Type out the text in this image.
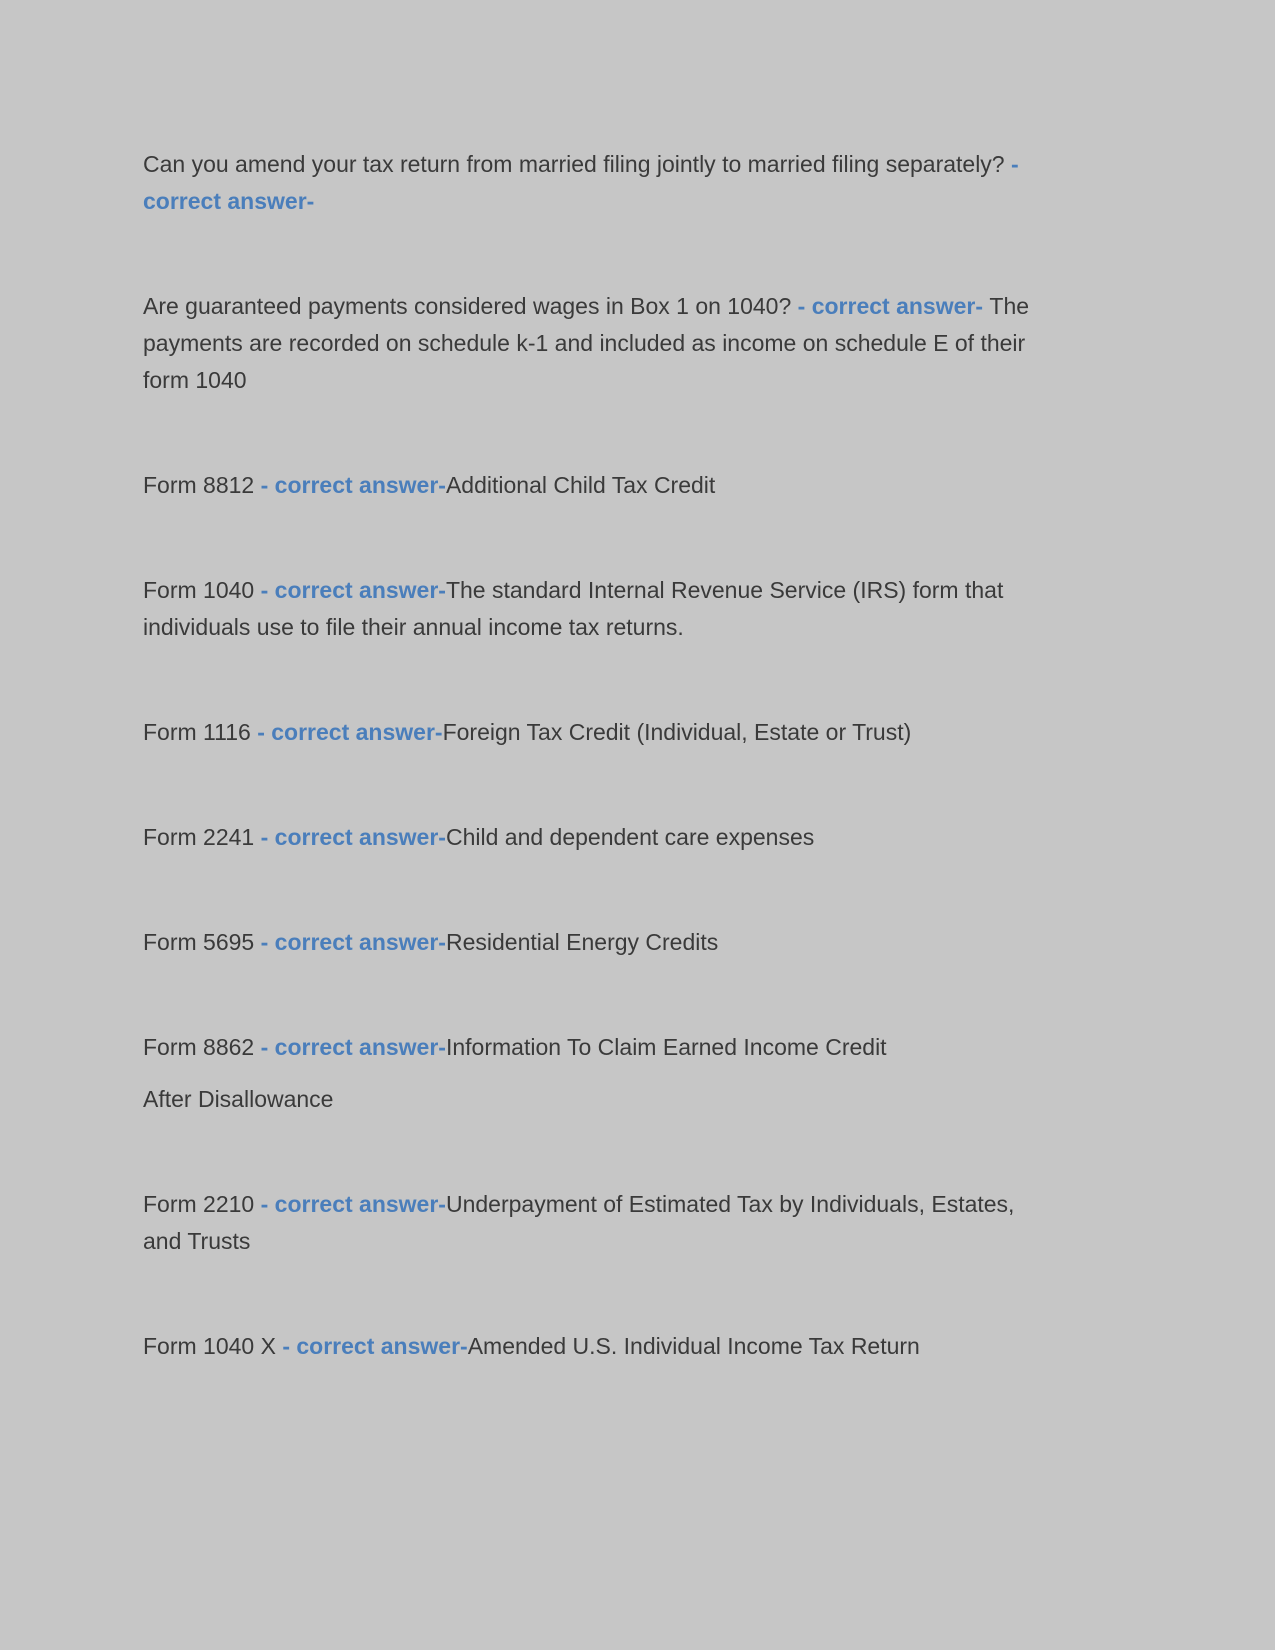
Can you amend your tax return from married filing jointly to married filing separately? - correct answer-

Are guaranteed payments considered wages in Box 1 on 1040? - correct answer- The payments are recorded on schedule k-1 and included as income on schedule E of their form 1040

Form 8812 - correct answer-Additional Child Tax Credit

Form 1040 - correct answer-The standard Internal Revenue Service (IRS) form that individuals use to file their annual income tax returns.

Form 1116 - correct answer-Foreign Tax Credit (Individual, Estate or Trust)

Form 2241 - correct answer-Child and dependent care expenses

Form 5695 - correct answer-Residential Energy Credits

Form 8862 - correct answer-Information To Claim Earned Income Credit

After Disallowance

Form 2210 - correct answer-Underpayment of Estimated Tax by Individuals, Estates, and Trusts

Form 1040 X - correct answer-Amended U.S. Individual Income Tax Return
